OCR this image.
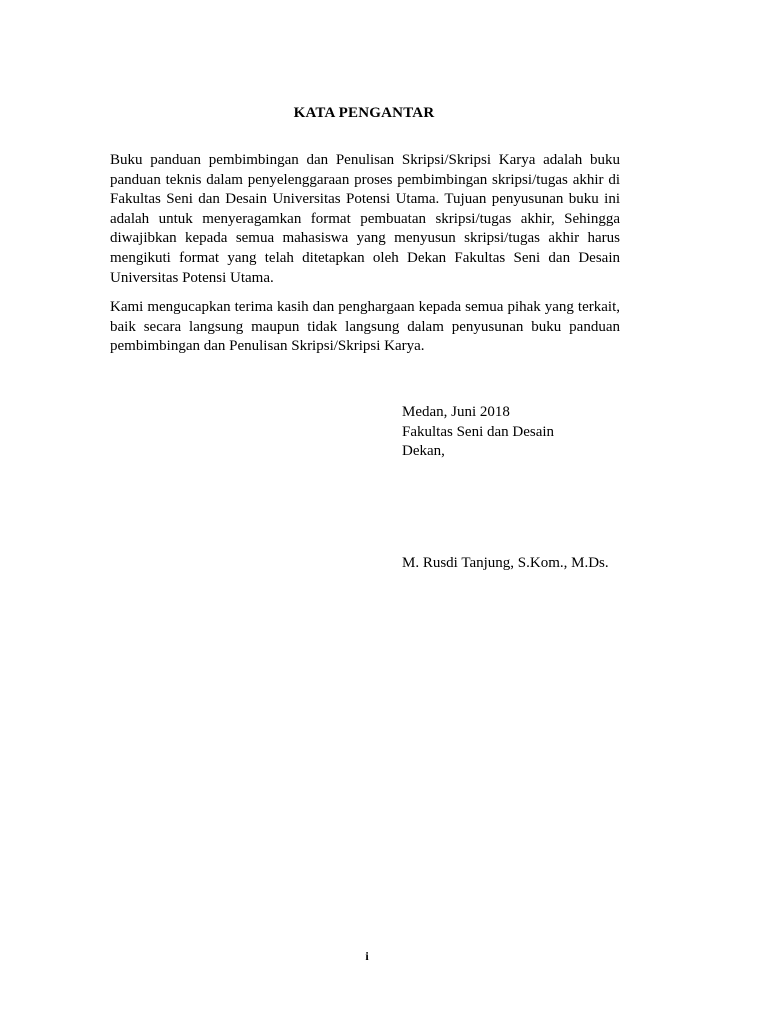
KATA PENGANTAR

Buku panduan pembimbingan dan Penulisan Skripsi/Skripsi Karya adalah buku panduan teknis dalam penyelenggaraan proses pembimbingan skripsi/tugas akhir di Fakultas Seni dan Desain Universitas Potensi Utama. Tujuan penyusunan buku ini adalah untuk menyeragamkan format pembuatan skripsi/tugas akhir, Sehingga diwajibkan kepada semua mahasiswa yang menyusun skripsi/tugas akhir harus mengikuti format yang telah ditetapkan oleh Dekan Fakultas Seni dan Desain Universitas Potensi Utama.

Kami mengucapkan terima kasih dan penghargaan kepada semua pihak yang terkait, baik secara langsung maupun tidak langsung dalam penyusunan buku panduan pembimbingan dan Penulisan Skripsi/Skripsi Karya.

Medan, Juni 2018
Fakultas Seni dan Desain
Dekan,
M. Rusdi Tanjung, S.Kom., M.Ds.
i
